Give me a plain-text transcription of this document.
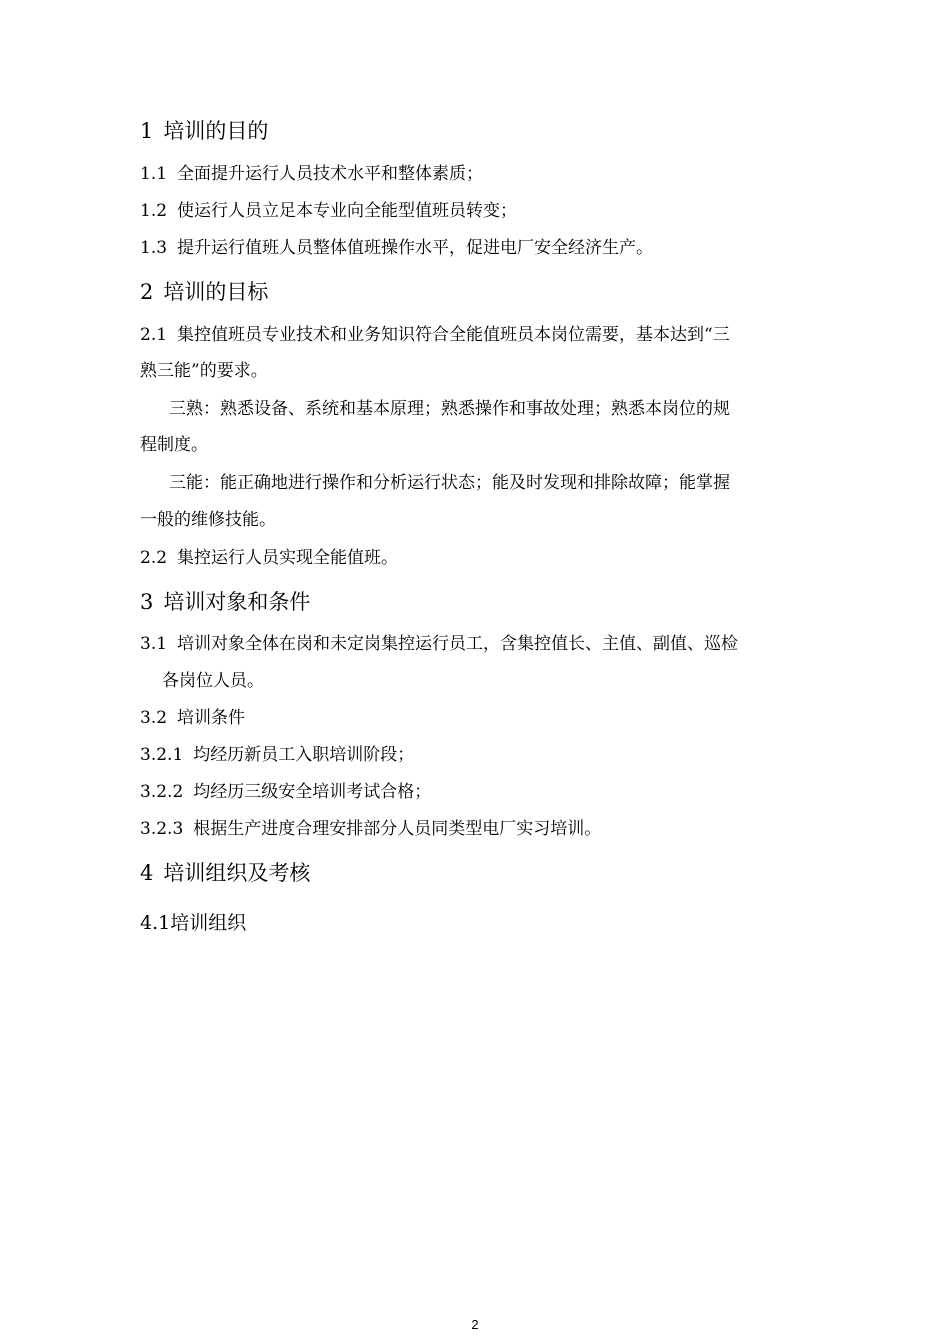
1 培训的目的
1.1 全面提升运行人员技术水平和整体素质；
1.2 使运行人员立足本专业向全能型值班员转变；
1.3 提升运行值班人员整体值班操作水平，促进电厂安全经济生产。
2 培训的目标
2.1 集控值班员专业技术和业务知识符合全能值班员本岗位需要，基本达到“三
熟三能”的要求。
三熟：熟悉设备、系统和基本原理；熟悉操作和事故处理；熟悉本岗位的规
程制度。
三能：能正确地进行操作和分析运行状态；能及时发现和排除故障；能掌握
一般的维修技能。
2.2 集控运行人员实现全能值班。
3 培训对象和条件
3.1 培训对象全体在岗和未定岗集控运行员工，含集控值长、主值、副值、巡检
各岗位人员。
3.2 培训条件
3.2.1 均经历新员工入职培训阶段；
3.2.2 均经历三级安全培训考试合格；
3.2.3 根据生产进度合理安排部分人员同类型电厂实习培训。
4 培训组织及考核
4.1培训组织
2
